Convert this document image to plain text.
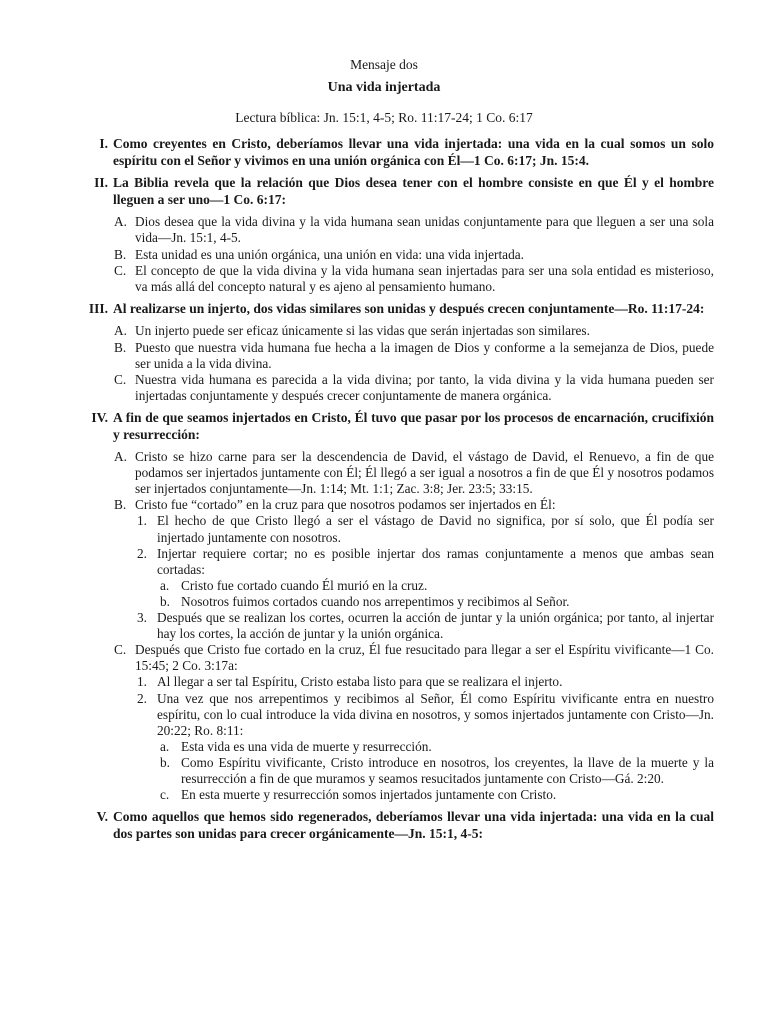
Mensaje dos
Una vida injertada
Lectura bíblica: Jn. 15:1, 4-5; Ro. 11:17-24; 1 Co. 6:17
I. Como creyentes en Cristo, deberíamos llevar una vida injertada: una vida en la cual somos un solo espíritu con el Señor y vivimos en una unión orgánica con Él—1 Co. 6:17; Jn. 15:4.
II. La Biblia revela que la relación que Dios desea tener con el hombre consiste en que Él y el hombre lleguen a ser uno—1 Co. 6:17:
A. Dios desea que la vida divina y la vida humana sean unidas conjuntamente para que lleguen a ser una sola vida—Jn. 15:1, 4-5.
B. Esta unidad es una unión orgánica, una unión en vida: una vida injertada.
C. El concepto de que la vida divina y la vida humana sean injertadas para ser una sola entidad es misterioso, va más allá del concepto natural y es ajeno al pensamiento humano.
III. Al realizarse un injerto, dos vidas similares son unidas y después crecen conjuntamente—Ro. 11:17-24:
A. Un injerto puede ser eficaz únicamente si las vidas que serán injertadas son similares.
B. Puesto que nuestra vida humana fue hecha a la imagen de Dios y conforme a la semejanza de Dios, puede ser unida a la vida divina.
C. Nuestra vida humana es parecida a la vida divina; por tanto, la vida divina y la vida humana pueden ser injertadas conjuntamente y después crecer conjuntamente de manera orgánica.
IV. A fin de que seamos injertados en Cristo, Él tuvo que pasar por los procesos de encarnación, crucifixión y resurrección:
A. Cristo se hizo carne para ser la descendencia de David, el vástago de David, el Renuevo, a fin de que podamos ser injertados juntamente con Él; Él llegó a ser igual a nosotros a fin de que Él y nosotros podamos ser injertados conjuntamente—Jn. 1:14; Mt. 1:1; Zac. 3:8; Jer. 23:5; 33:15.
B. Cristo fue “cortado” en la cruz para que nosotros podamos ser injertados en Él:
1. El hecho de que Cristo llegó a ser el vástago de David no significa, por sí solo, que Él podía ser injertado juntamente con nosotros.
2. Injertar requiere cortar; no es posible injertar dos ramas conjuntamente a menos que ambas sean cortadas:
a. Cristo fue cortado cuando Él murió en la cruz.
b. Nosotros fuimos cortados cuando nos arrepentimos y recibimos al Señor.
3. Después que se realizan los cortes, ocurren la acción de juntar y la unión orgánica; por tanto, al injertar hay los cortes, la acción de juntar y la unión orgánica.
C. Después que Cristo fue cortado en la cruz, Él fue resucitado para llegar a ser el Espíritu vivificante—1 Co. 15:45; 2 Co. 3:17a:
1. Al llegar a ser tal Espíritu, Cristo estaba listo para que se realizara el injerto.
2. Una vez que nos arrepentimos y recibimos al Señor, Él como Espíritu vivificante entra en nuestro espíritu, con lo cual introduce la vida divina en nosotros, y somos injertados juntamente con Cristo—Jn. 20:22; Ro. 8:11:
a. Esta vida es una vida de muerte y resurrección.
b. Como Espíritu vivificante, Cristo introduce en nosotros, los creyentes, la llave de la muerte y la resurrección a fin de que muramos y seamos resucitados juntamente con Cristo—Gá. 2:20.
c. En esta muerte y resurrección somos injertados juntamente con Cristo.
V. Como aquellos que hemos sido regenerados, deberíamos llevar una vida injertada: una vida en la cual dos partes son unidas para crecer orgánicamente—Jn. 15:1, 4-5:
